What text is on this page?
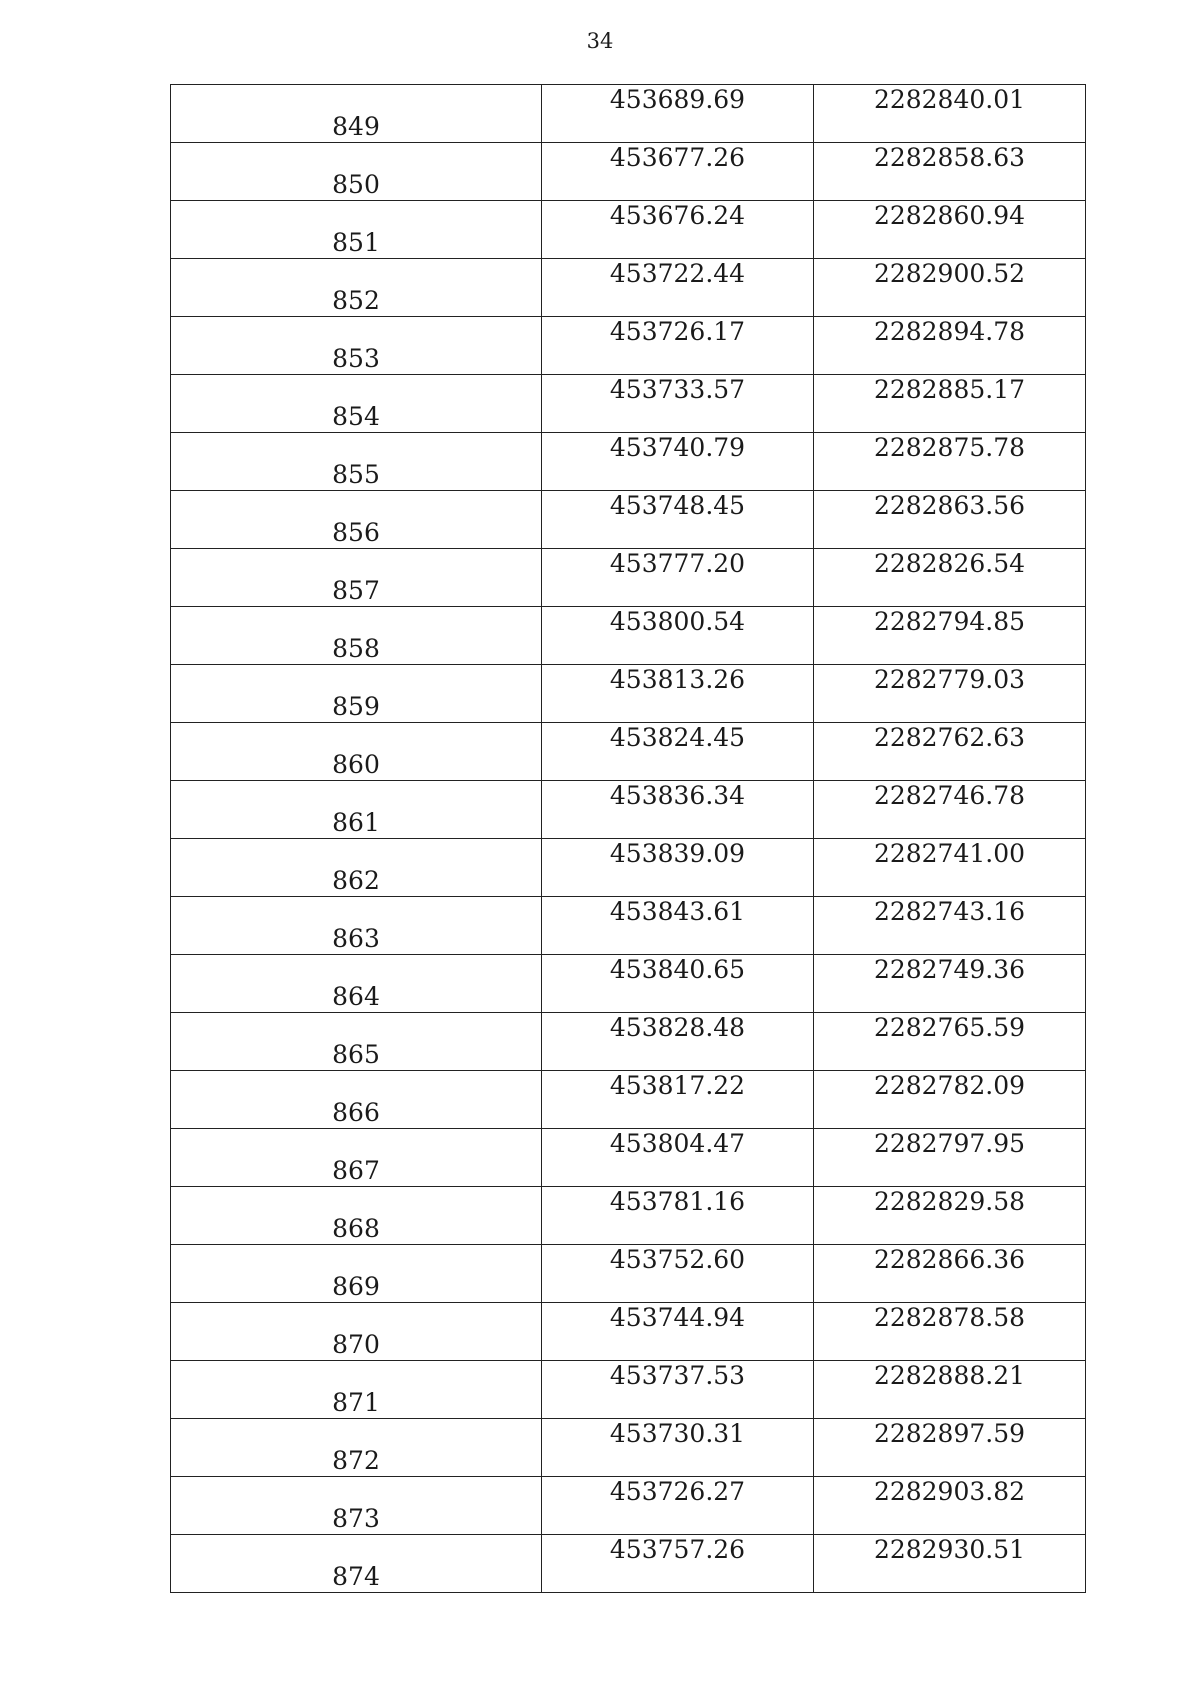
34
849	453689.69	2282840.01

850	453677.26	2282858.63

851	453676.24	2282860.94

852	453722.44	2282900.52

853	453726.17	2282894.78

854	453733.57	2282885.17

855	453740.79	2282875.78

856	453748.45	2282863.56

857	453777.20	2282826.54

858	453800.54	2282794.85

859	453813.26	2282779.03

860	453824.45	2282762.63

861	453836.34	2282746.78

862	453839.09	2282741.00

863	453843.61	2282743.16

864	453840.65	2282749.36

865	453828.48	2282765.59

866	453817.22	2282782.09

867	453804.47	2282797.95

868	453781.16	2282829.58

869	453752.60	2282866.36

870	453744.94	2282878.58

871	453737.53	2282888.21

872	453730.31	2282897.59

873	453726.27	2282903.82

874	453757.26	2282930.51
